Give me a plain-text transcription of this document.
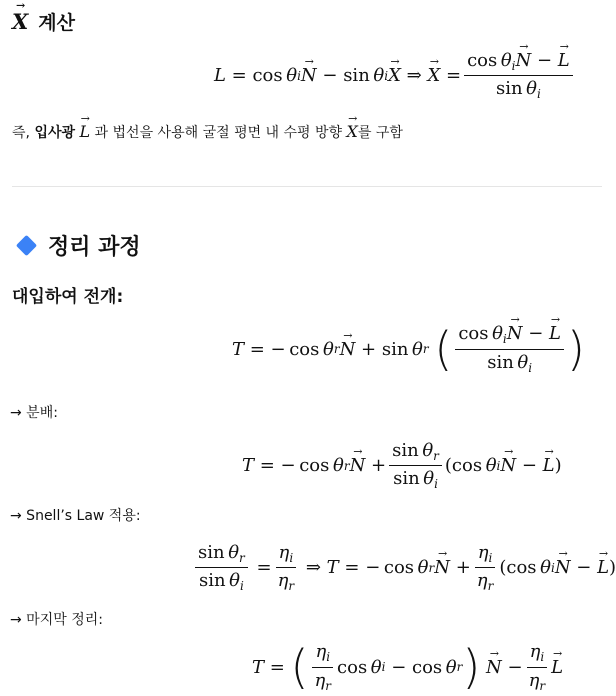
→ X 계산
L = cos  θ i
→ N − sin  θ i
→ X ⇒
→ $X = \frac{\cos \theta_i\to N - \to L}{\sin \theta_i}$
즉,
입사광

→ L
과 법선을 사용해 굴절 평면 내 수평 방향

→ X 를 구함
정리 과정
대입하여 전개:
T = − cos  θ r
→ N + sin  θ r
( $\frac{\cos \theta_i\to N - \to L}{\sin \theta_i}$ )
→ 분배:
T = − cos  θ r
→ $N + \frac{\sin \theta_r}{\sin \theta_i} (\cos$  θ i
→ N −
→ L )
→ Snell’s Law 적용:
$\frac{\sin \theta_r}{\sin \theta_i} = \frac{\eta_i}{\eta_r}$ ⇒ T = − cos  θ r
→ $N + \frac{\eta_i}{\eta_r} (\cos$  θ i
→ N −
→ L )
→ 마지막 정리:
T = ( $\frac{\eta_i}{\eta_r}$ cos  θ i − cos  θ r )

→ $N - \frac{\eta_i}{\eta_r}$
→ L
